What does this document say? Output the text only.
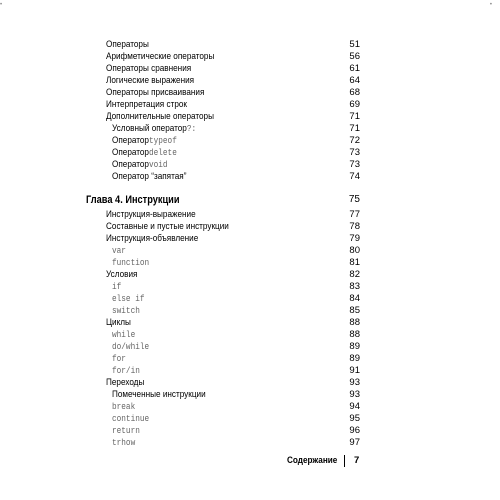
•	•
Операторы	51
Арифметические операторы	56
Операторы сравнения	61
Логические выражения	64
Операторы присваивания	68
Интерпретация строк	69
Дополнительные операторы	71
Условный оператор ?:	71
Оператор typeof	72
Оператор delete	73
Оператор void	73
Оператор “запятая”	74
Глава 4. Инструкции	75
Инструкция-выражение	77
Составные и пустые инструкции	78
Инструкция-объявление	79
var	80
function	81
Условия	82
if	83
else if	84
switch	85
Циклы	88
while	88
do/while	89
for	89
for/in	91
Переходы	93
Помеченные инструкции	93
break	94
continue	95
return	96
trhow	97
Содержание 7
